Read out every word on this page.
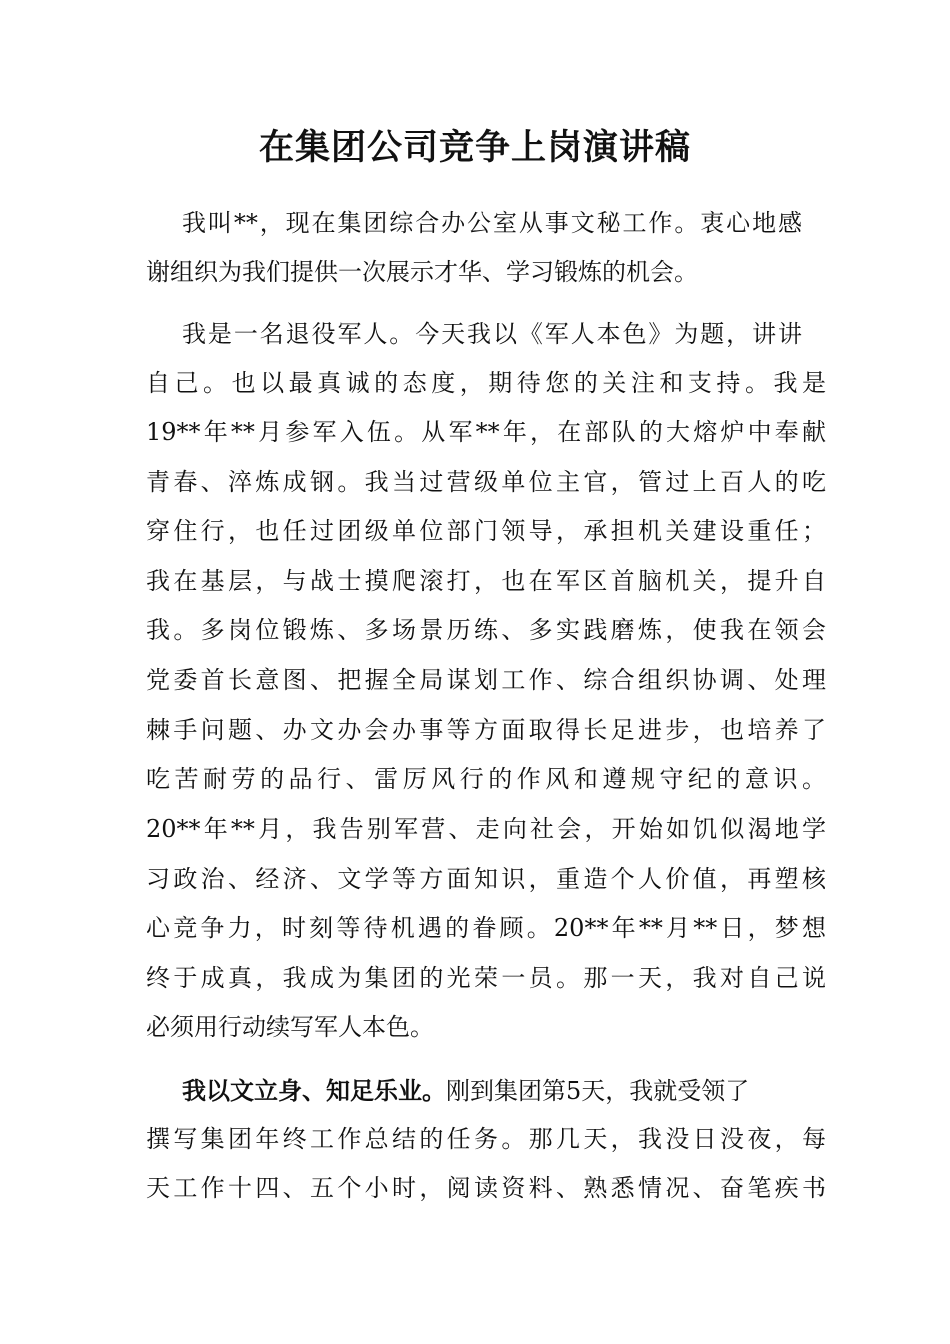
在集团公司竞争上岗演讲稿
我叫**，现在集团综合办公室从事文秘工作。衷心地感
谢组织为我们提供一次展示才华、学习锻炼的机会。
我是一名退役军人。今天我以《军人本色》为题，讲讲
自己。也以最真诚的态度，期待您的关注和支持。我是
19**年**月参军入伍。从军**年，在部队的大熔炉中奉献
青春、淬炼成钢。我当过营级单位主官，管过上百人的吃
穿住行，也任过团级单位部门领导，承担机关建设重任；
我在基层，与战士摸爬滚打，也在军区首脑机关，提升自
我。多岗位锻炼、多场景历练、多实践磨炼，使我在领会
党委首长意图、把握全局谋划工作、综合组织协调、处理
棘手问题、办文办会办事等方面取得长足进步，也培养了
吃苦耐劳的品行、雷厉风行的作风和遵规守纪的意识。
20**年**月，我告别军营、走向社会，开始如饥似渴地学
习政治、经济、文学等方面知识，重造个人价值，再塑核
心竞争力，时刻等待机遇的眷顾。20**年**月**日，梦想
终于成真，我成为集团的光荣一员。那一天，我对自己说
必须用行动续写军人本色。
我以文立身、知足乐业。刚到集团第5天，我就受领了
撰写集团年终工作总结的任务。那几天，我没日没夜，每
天工作十四、五个小时，阅读资料、熟悉情况、奋笔疾书
